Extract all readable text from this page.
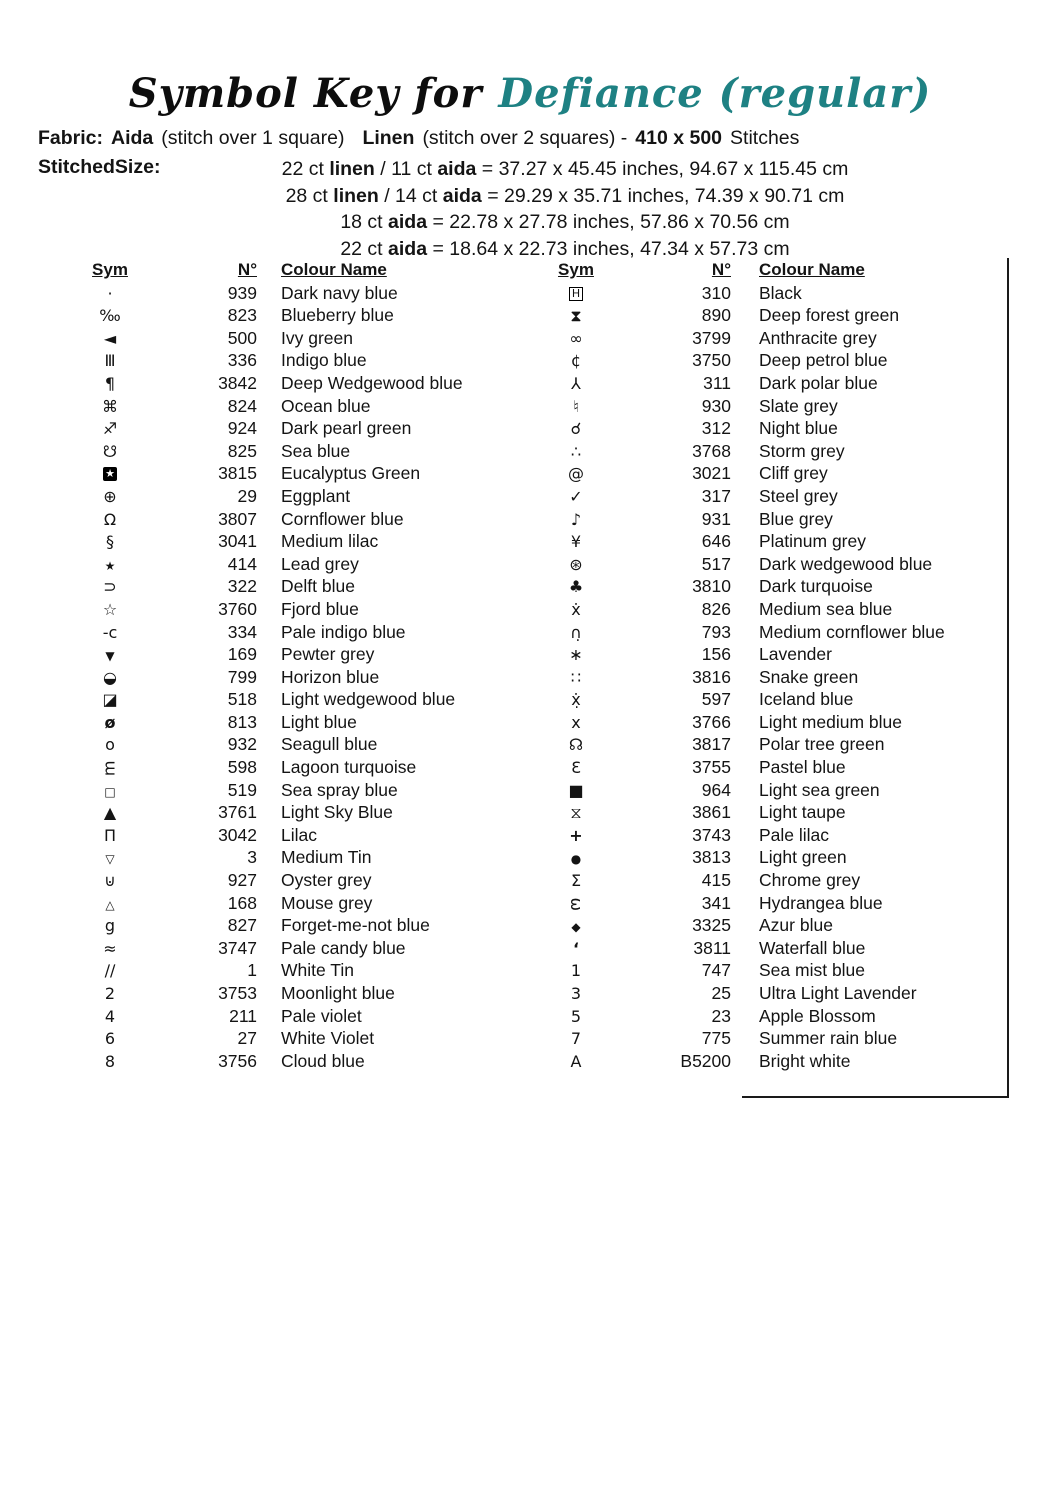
Symbol Key for Defiance (regular)
Fabric: Aida (stitch over 1 square) Linen (stitch over 2 squares) - 410 x 500 Stitches
StitchedSize:	22 ct linen / 11 ct aida = 37.27 x 45.45 inches, 94.67 x 115.45 cm
28 ct linen / 14 ct aida = 29.29 x 35.71 inches, 74.39 x 90.71 cm
18 ct aida = 22.78 x 27.78 inches, 57.86 x 70.56 cm
22 ct aida = 18.64 x 22.73 inches, 47.34 x 57.73 cm
Sym	N°	Colour Name
·	939	Dark navy blue
‰	823	Blueberry blue
◄	500	Ivy green
Ⅲ	336	Indigo blue
¶	3842	Deep Wedgewood blue
⌘	824	Ocean blue
♐	924	Dark pearl green
☋	825	Sea blue
★	3815	Eucalyptus Green
⊕	29	Eggplant
Ω	3807	Cornflower blue
§	3041	Medium lilac
★	414	Lead grey
⊃	322	Delft blue
☆	3760	Fjord blue
-c	334	Pale indigo blue
▼	169	Pewter grey
◒	799	Horizon blue
◪	518	Light wedgewood blue
ø	813	Light blue
o	932	Seagull blue
m	598	Lagoon turquoise
□	519	Sea spray blue
▲	3761	Light Sky Blue
Π	3042	Lilac
▽	3	Medium Tin
⊍	927	Oyster grey
△	168	Mouse grey
g	827	Forget-me-not blue
≈	3747	Pale candy blue
∕∕	1	White Tin
2	3753	Moonlight blue
4	211	Pale violet
6	27	White Violet
8	3756	Cloud blue
Sym	N°	Colour Name
H	310	Black
⧗	890	Deep forest green
∞	3799	Anthracite grey
¢	3750	Deep petrol blue
⅄	311	Dark polar blue
♮	930	Slate grey
☌	312	Night blue
∴	3768	Storm grey
@	3021	Cliff grey
✓	317	Steel grey
♪	931	Blue grey
¥	646	Platinum grey
⊛	517	Dark wedgewood blue
♣	3810	Dark turquoise
ẋ	826	Medium sea blue
∩̣	793	Medium cornflower blue
∗	156	Lavender
∷	3816	Snake green
ẋ̣	597	Iceland blue
x	3766	Light medium blue
☊	3817	Polar tree green
Ɛ	3755	Pastel blue
■	964	Light sea green
⧖	3861	Light taupe
+	3743	Pale lilac
●	3813	Light green
Σ	415	Chrome grey
ω	341	Hydrangea blue
◆	3325	Azur blue
‘	3811	Waterfall blue
1	747	Sea mist blue
3	25	Ultra Light Lavender
5	23	Apple Blossom
7	775	Summer rain blue
A	B5200	Bright white
